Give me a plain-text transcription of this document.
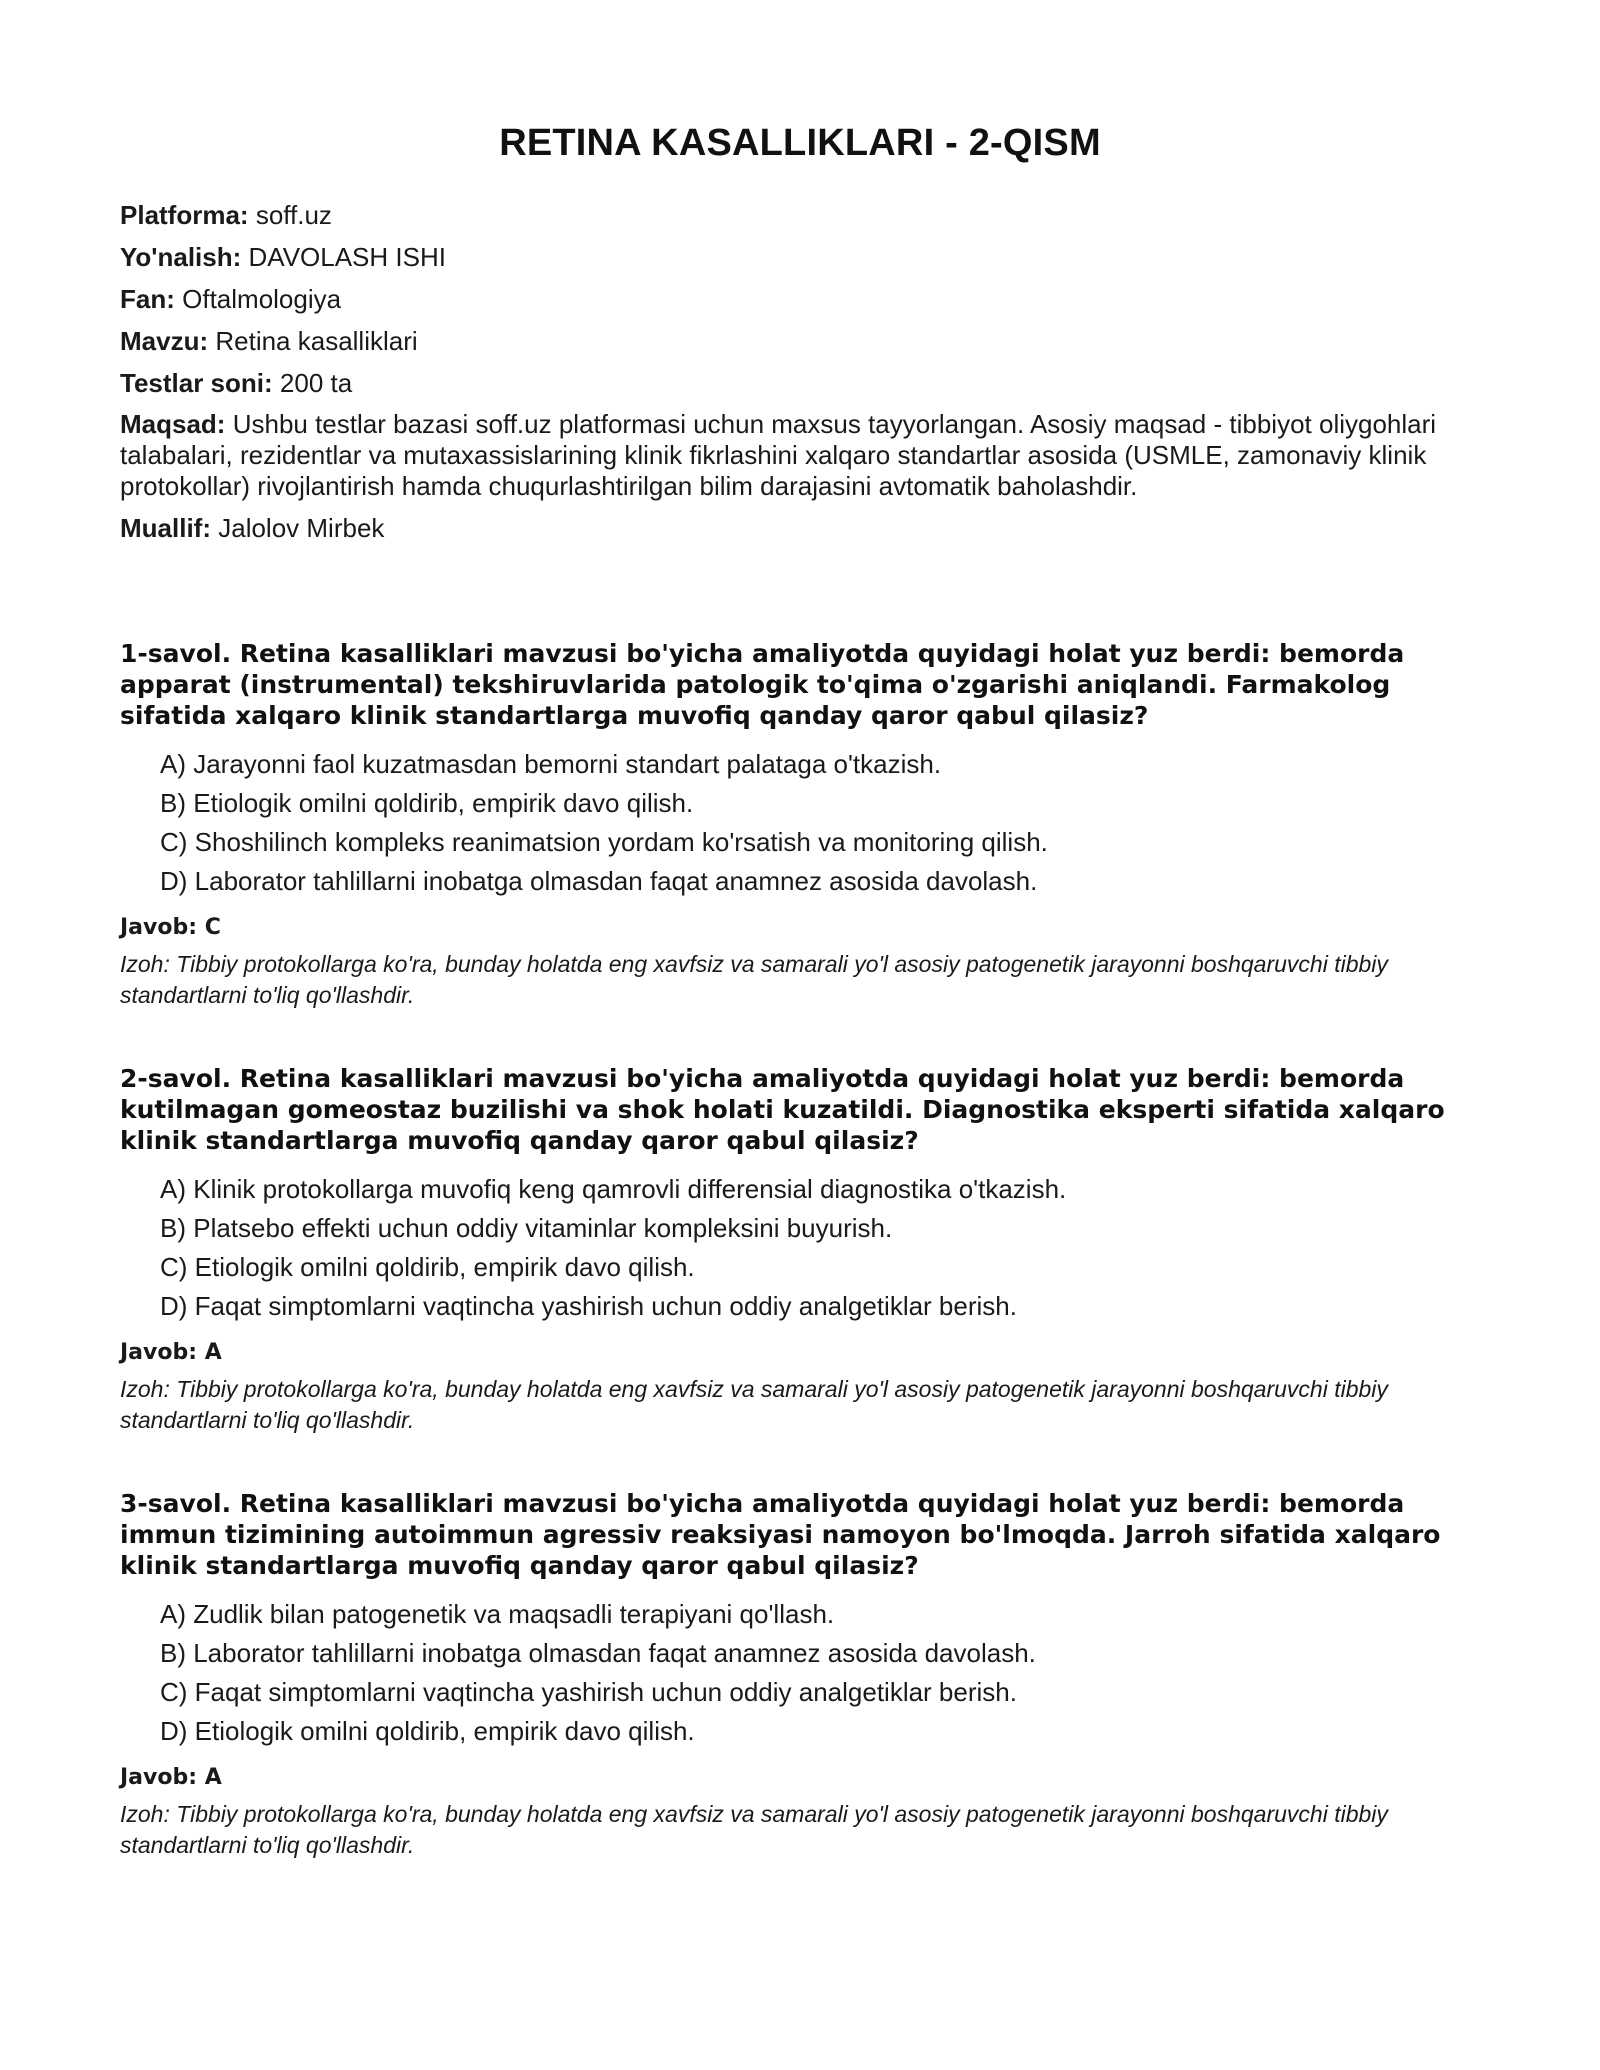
RETINA KASALLIKLARI - 2-QISM

Platforma: soff.uz

Yo'nalish: DAVOLASH ISHI

Fan: Oftalmologiya

Mavzu: Retina kasalliklari

Testlar soni: 200 ta

Maqsad: Ushbu testlar bazasi soff.uz platformasi uchun maxsus tayyorlangan. Asosiy maqsad - tibbiyot oliygohlari talabalari, rezidentlar va mutaxassislarining klinik fikrlashini xalqaro standartlar asosida (USMLE, zamonaviy klinik protokollar) rivojlantirish hamda chuqurlashtirilgan bilim darajasini avtomatik baholashdir.

Muallif: Jalolov Mirbek

1-savol. Retina kasalliklari mavzusi bo'yicha amaliyotda quyidagi holat yuz berdi: bemorda apparat (instrumental) tekshiruvlarida patologik to'qima o'zgarishi aniqlandi. Farmakolog sifatida xalqaro klinik standartlarga muvofiq qanday qaror qabul qilasiz?

A) Jarayonni faol kuzatmasdan bemorni standart palataga o'tkazish.
B) Etiologik omilni qoldirib, empirik davo qilish.
C) Shoshilinch kompleks reanimatsion yordam ko'rsatish va monitoring qilish.
D) Laborator tahlillarni inobatga olmasdan faqat anamnez asosida davolash.

Javob: C

Izoh: Tibbiy protokollarga ko'ra, bunday holatda eng xavfsiz va samarali yo'l asosiy patogenetik jarayonni boshqaruvchi tibbiy standartlarni to'liq qo'llashdir.

2-savol. Retina kasalliklari mavzusi bo'yicha amaliyotda quyidagi holat yuz berdi: bemorda kutilmagan gomeostaz buzilishi va shok holati kuzatildi. Diagnostika eksperti sifatida xalqaro klinik standartlarga muvofiq qanday qaror qabul qilasiz?

A) Klinik protokollarga muvofiq keng qamrovli differensial diagnostika o'tkazish.
B) Platsebo effekti uchun oddiy vitaminlar kompleksini buyurish.
C) Etiologik omilni qoldirib, empirik davo qilish.
D) Faqat simptomlarni vaqtincha yashirish uchun oddiy analgetiklar berish.

Javob: A

Izoh: Tibbiy protokollarga ko'ra, bunday holatda eng xavfsiz va samarali yo'l asosiy patogenetik jarayonni boshqaruvchi tibbiy standartlarni to'liq qo'llashdir.

3-savol. Retina kasalliklari mavzusi bo'yicha amaliyotda quyidagi holat yuz berdi: bemorda immun tizimining autoimmun agressiv reaksiyasi namoyon bo'lmoqda. Jarroh sifatida xalqaro klinik standartlarga muvofiq qanday qaror qabul qilasiz?

A) Zudlik bilan patogenetik va maqsadli terapiyani qo'llash.
B) Laborator tahlillarni inobatga olmasdan faqat anamnez asosida davolash.
C) Faqat simptomlarni vaqtincha yashirish uchun oddiy analgetiklar berish.
D) Etiologik omilni qoldirib, empirik davo qilish.

Javob: A

Izoh: Tibbiy protokollarga ko'ra, bunday holatda eng xavfsiz va samarali yo'l asosiy patogenetik jarayonni boshqaruvchi tibbiy standartlarni to'liq qo'llashdir.
